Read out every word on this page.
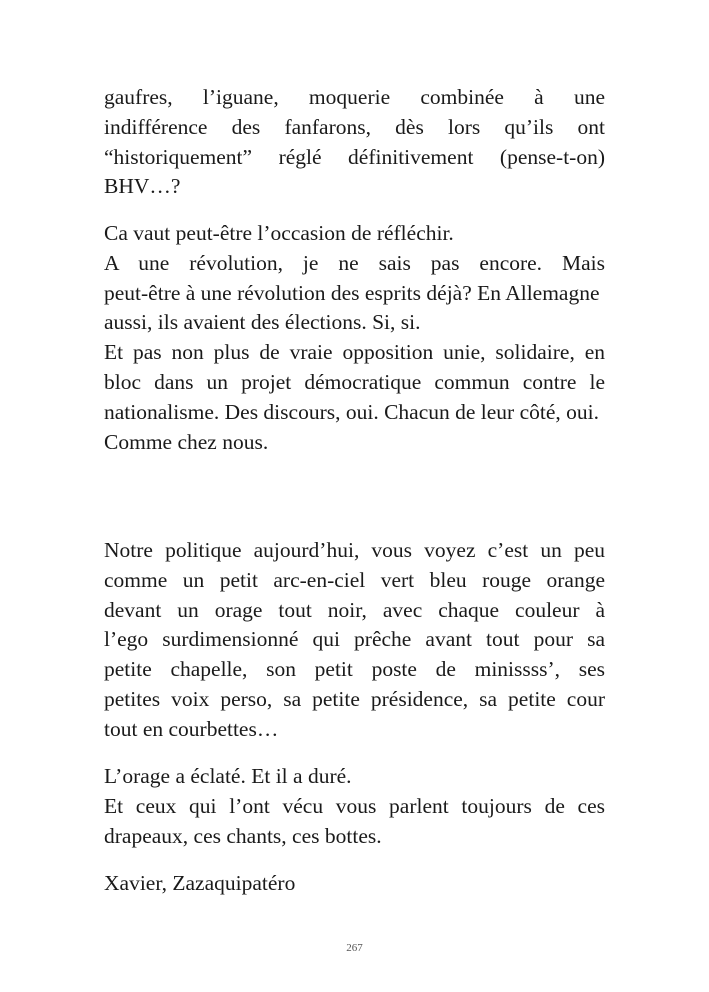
gaufres, l’iguane, moquerie combinée à une
indifférence des fanfarons, dès lors qu’ils ont
“historiquement” réglé définitivement (pense-t-on)
BHV…?
Ca vaut peut-être l’occasion de réfléchir.
A une révolution, je ne sais pas encore. Mais
peut-être à une révolution des esprits déjà? En Allemagne aussi, ils avaient des élections. Si, si.
Et pas non plus de vraie opposition unie, solidaire, en
bloc dans un projet démocratique commun contre le
nationalisme. Des discours, oui. Chacun de leur côté, oui. Comme chez nous.
Notre politique aujourd’hui, vous voyez c’est un peu
comme un petit arc-en-ciel vert bleu rouge orange
devant un orage tout noir, avec chaque couleur à
l’ego surdimensionné qui prêche avant tout pour sa
petite chapelle, son petit poste de minissss’, ses
petites voix perso, sa petite présidence, sa petite cour
tout en courbettes…
L’orage a éclaté. Et il a duré.
Et ceux qui l’ont vécu vous parlent toujours de ces
drapeaux, ces chants, ces bottes.
Xavier, Zazaquipatéro
267
